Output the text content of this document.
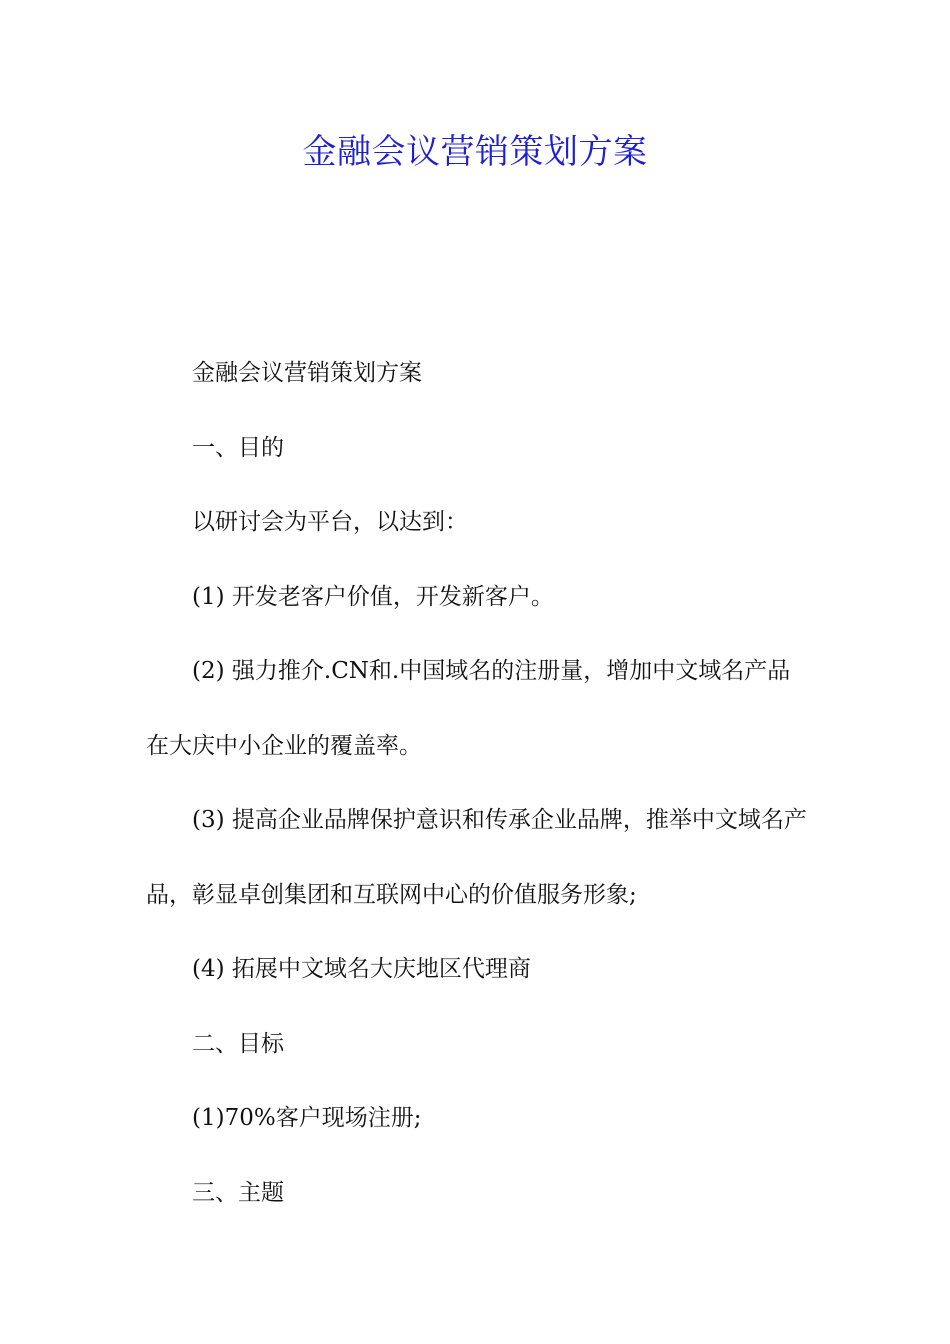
金融会议营销策划方案

金融会议营销策划方案

一、目的

以研讨会为平台，以达到：

(1) 开发老客户价值，开发新客户。

(2) 强力推介.CN和.中国域名的注册量，增加中文域名产品在大庆中小企业的覆盖率。

(3) 提高企业品牌保护意识和传承企业品牌，推举中文域名产品，彰显卓创集团和互联网中心的价值服务形象;

(4) 拓展中文域名大庆地区代理商

二、目标

(1)70%客户现场注册;

三、主题
